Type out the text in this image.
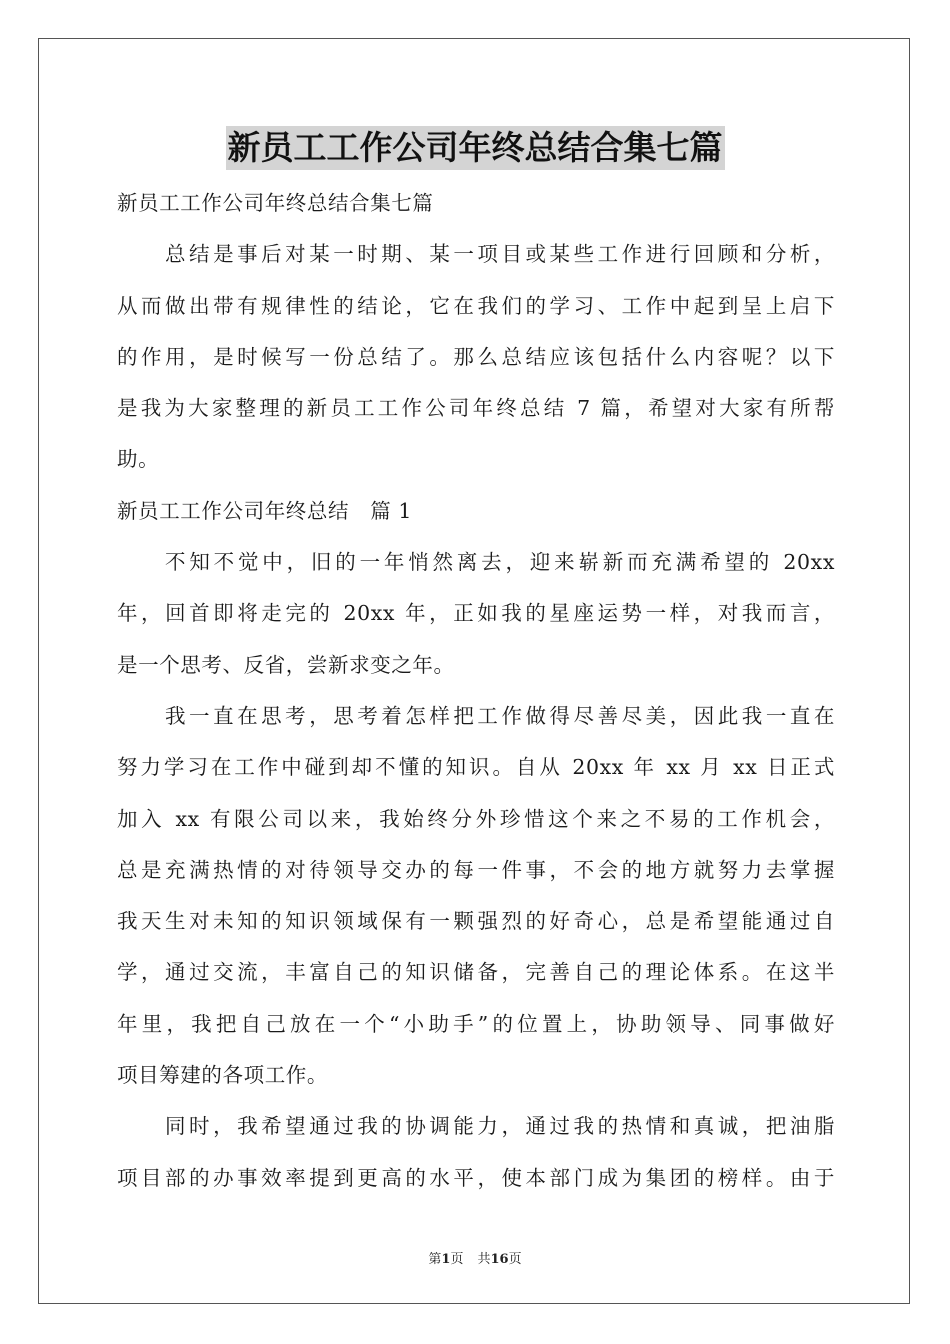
新员工工作公司年终总结合集七篇
新员工工作公司年终总结合集七篇
总结是事后对某一时期、某一项目或某些工作进行回顾和分析，
从而做出带有规律性的结论，它在我们的学习、工作中起到呈上启下
的作用，是时候写一份总结了。那么总结应该包括什么内容呢？以下
是我为大家整理的新员工工作公司年终总结 7 篇，希望对大家有所帮
助。
新员工工作公司年终总结　篇 1
不知不觉中，旧的一年悄然离去，迎来崭新而充满希望的 20xx
年，回首即将走完的 20xx 年，正如我的星座运势一样，对我而言，
是一个思考、反省，尝新求变之年。
我一直在思考，思考着怎样把工作做得尽善尽美，因此我一直在
努力学习在工作中碰到却不懂的知识。自从 20xx 年 xx 月 xx 日正式
加入 xx 有限公司以来，我始终分外珍惜这个来之不易的工作机会，
总是充满热情的对待领导交办的每一件事，不会的地方就努力去掌握
我天生对未知的知识领域保有一颗强烈的好奇心，总是希望能通过自
学，通过交流，丰富自己的知识储备，完善自己的理论体系。在这半
年里，我把自己放在一个“小助手”的位置上，协助领导、同事做好
项目筹建的各项工作。
同时，我希望通过我的协调能力，通过我的热情和真诚，把油脂
项目部的办事效率提到更高的水平，使本部门成为集团的榜样。由于
第1页 共16页
